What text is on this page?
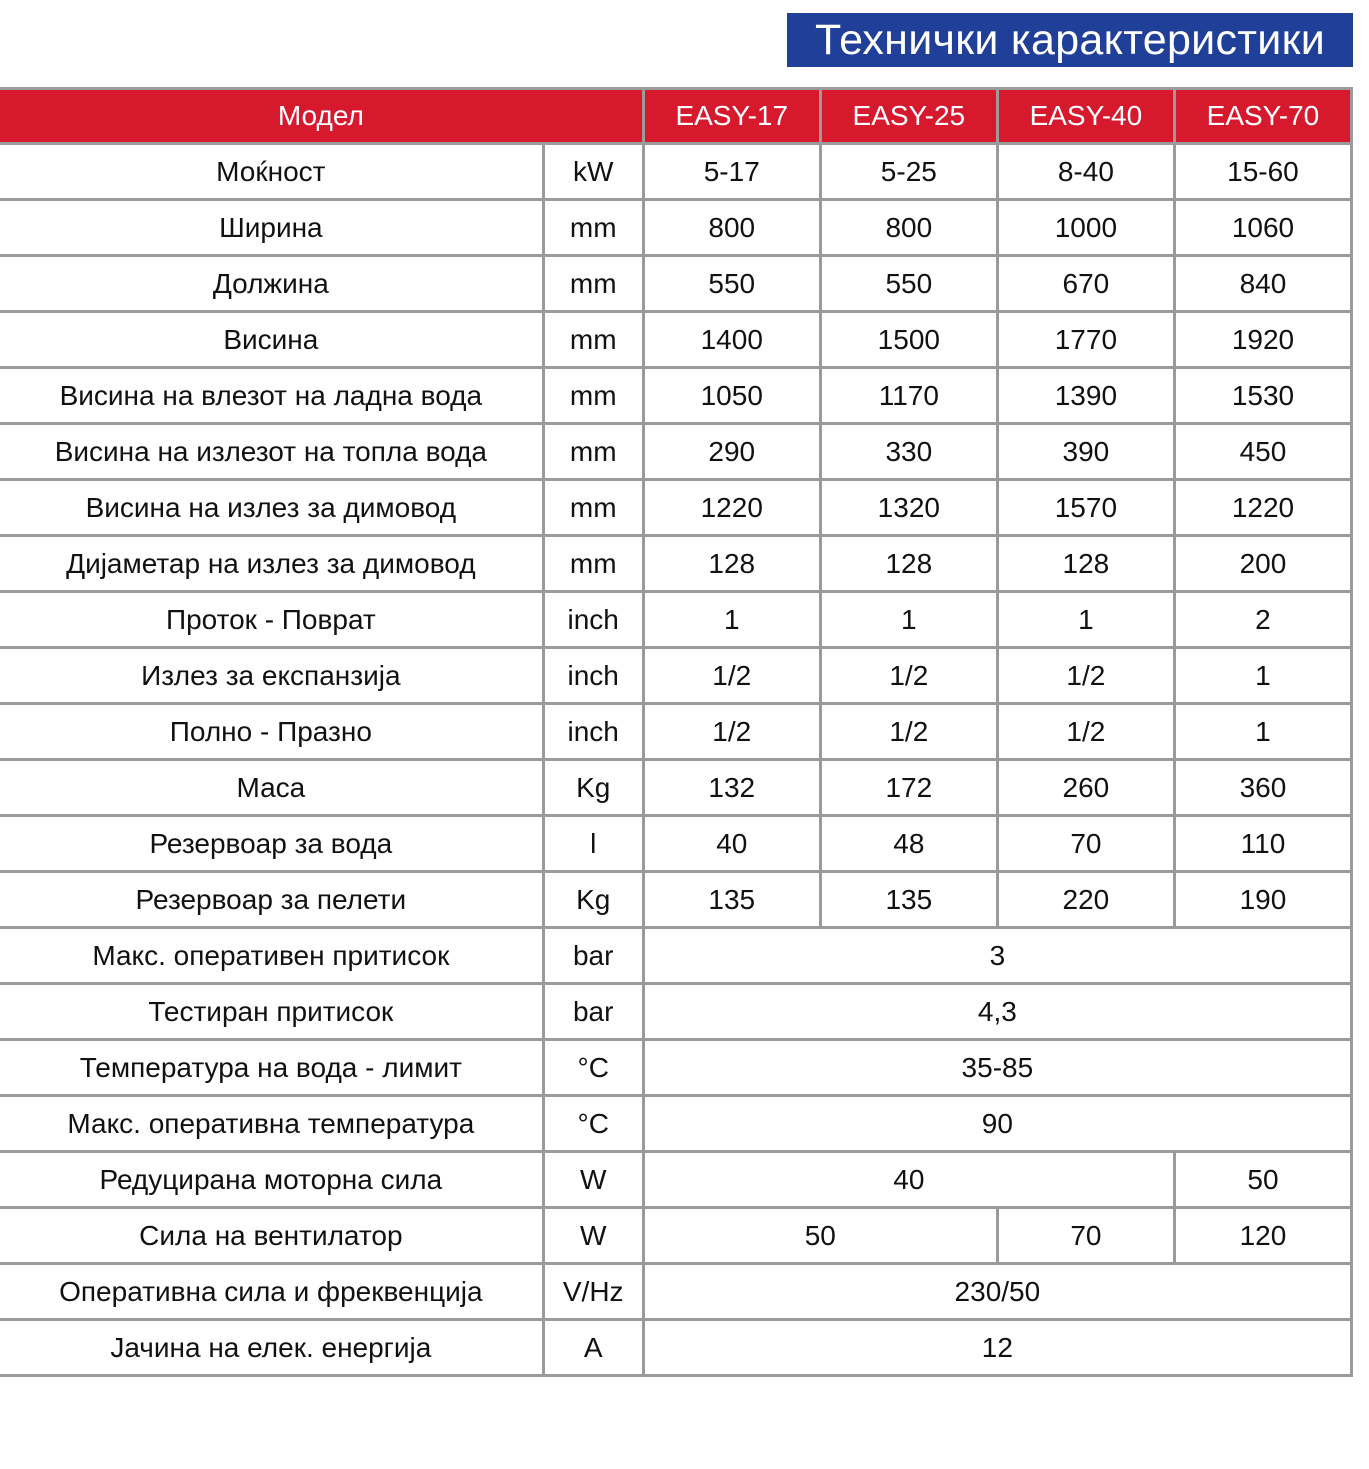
Технички карактеристики
Модел		EASY-17	EASY-25	EASY-40	EASY-70
Моќност	kW	5-17	5-25	8-40	15-60
Ширина	mm	800	800	1000	1060
Должина	mm	550	550	670	840
Висина	mm	1400	1500	1770	1920
Висина на влезот на ладна вода	mm	1050	1170	1390	1530
Висина на излезот на топла вода	mm	290	330	390	450
Висина на излез за димовод	mm	1220	1320	1570	1220
Дијаметар на излез за димовод	mm	128	128	128	200
Проток - Поврат	inch	1	1	1	2
Излез за експанзија	inch	1/2	1/2	1/2	1
Полно - Празно	inch	1/2	1/2	1/2	1
Маса	Kg	132	172	260	360
Резервоар за вода	l	40	48	70	110
Резервоар за пелети	Kg	135	135	220	190
Макс. оперативен притисок	bar	3			
Тестиран притисок	bar	4,3			
Температура на вода - лимит	°C	35-85			
Макс. оперативна температура	°C	90			
Редуцирана моторна сила	W	40			50
Сила на вентилатор	W	50		70	120
Оперативна сила и фреквенција	V/Hz	230/50			
Јачина на елек. енергија	A	12			
